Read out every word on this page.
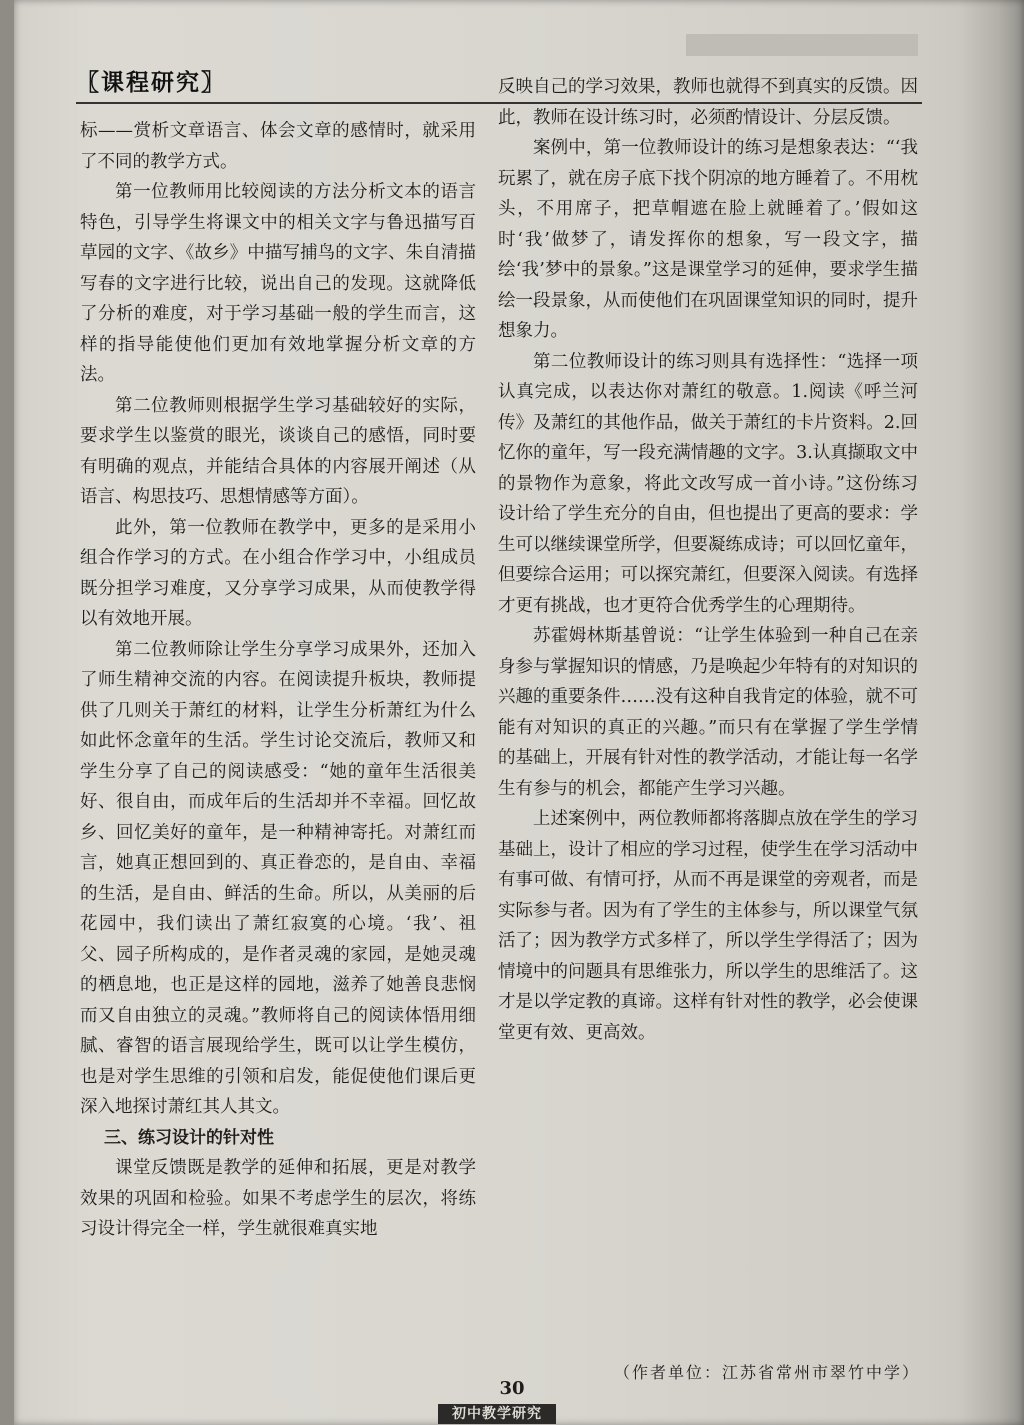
〖课程研究〗

标——赏析文章语言、体会文章的感情时，就采用了不同的教学方式。

第一位教师用比较阅读的方法分析文本的语言特色，引导学生将课文中的相关文字与鲁迅描写百草园的文字、《故乡》中描写捕鸟的文字、朱自清描写春的文字进行比较，说出自己的发现。这就降低了分析的难度，对于学习基础一般的学生而言，这样的指导能使他们更加有效地掌握分析文章的方法。

第二位教师则根据学生学习基础较好的实际，要求学生以鉴赏的眼光，谈谈自己的感悟，同时要有明确的观点，并能结合具体的内容展开阐述（从语言、构思技巧、思想情感等方面）。

此外，第一位教师在教学中，更多的是采用小组合作学习的方式。在小组合作学习中，小组成员既分担学习难度，又分享学习成果，从而使教学得以有效地开展。

第二位教师除让学生分享学习成果外，还加入了师生精神交流的内容。在阅读提升板块，教师提供了几则关于萧红的材料，让学生分析萧红为什么如此怀念童年的生活。学生讨论交流后，教师又和学生分享了自己的阅读感受：“她的童年生活很美好、很自由，而成年后的生活却并不幸福。回忆故乡、回忆美好的童年，是一种精神寄托。对萧红而言，她真正想回到的、真正眷恋的，是自由、幸福的生活，是自由、鲜活的生命。所以，从美丽的后花园中，我们读出了萧红寂寞的心境。‘我’、祖父、园子所构成的，是作者灵魂的家园，是她灵魂的栖息地，也正是这样的园地，滋养了她善良悲悯而又自由独立的灵魂。”教师将自己的阅读体悟用细腻、睿智的语言展现给学生，既可以让学生模仿，也是对学生思维的引领和启发，能促使他们课后更深入地探讨萧红其人其文。

三、练习设计的针对性

课堂反馈既是教学的延伸和拓展，更是对教学效果的巩固和检验。如果不考虑学生的层次，将练习设计得完全一样，学生就很难真实地

反映自己的学习效果，教师也就得不到真实的反馈。因此，教师在设计练习时，必须酌情设计、分层反馈。

案例中，第一位教师设计的练习是想象表达：“‘我玩累了，就在房子底下找个阴凉的地方睡着了。不用枕头，不用席子，把草帽遮在脸上就睡着了。’假如这时‘我’做梦了，请发挥你的想象，写一段文字，描绘‘我’梦中的景象。”这是课堂学习的延伸，要求学生描绘一段景象，从而使他们在巩固课堂知识的同时，提升想象力。

第二位教师设计的练习则具有选择性：“选择一项认真完成，以表达你对萧红的敬意。1.阅读《呼兰河传》及萧红的其他作品，做关于萧红的卡片资料。2.回忆你的童年，写一段充满情趣的文字。3.认真撷取文中的景物作为意象，将此文改写成一首小诗。”这份练习设计给了学生充分的自由，但也提出了更高的要求：学生可以继续课堂所学，但要凝练成诗；可以回忆童年，但要综合运用；可以探究萧红，但要深入阅读。有选择才更有挑战，也才更符合优秀学生的心理期待。

苏霍姆林斯基曾说：“让学生体验到一种自己在亲身参与掌握知识的情感，乃是唤起少年特有的对知识的兴趣的重要条件……没有这种自我肯定的体验，就不可能有对知识的真正的兴趣。”而只有在掌握了学生学情的基础上，开展有针对性的教学活动，才能让每一名学生有参与的机会，都能产生学习兴趣。

上述案例中，两位教师都将落脚点放在学生的学习基础上，设计了相应的学习过程，使学生在学习活动中有事可做、有情可抒，从而不再是课堂的旁观者，而是实际参与者。因为有了学生的主体参与，所以课堂气氛活了；因为教学方式多样了，所以学生学得活了；因为情境中的问题具有思维张力，所以学生的思维活了。这才是以学定教的真谛。这样有针对性的教学，必会使课堂更有效、更高效。

（作者单位：江苏省常州市翠竹中学）
30
初中教学研究
